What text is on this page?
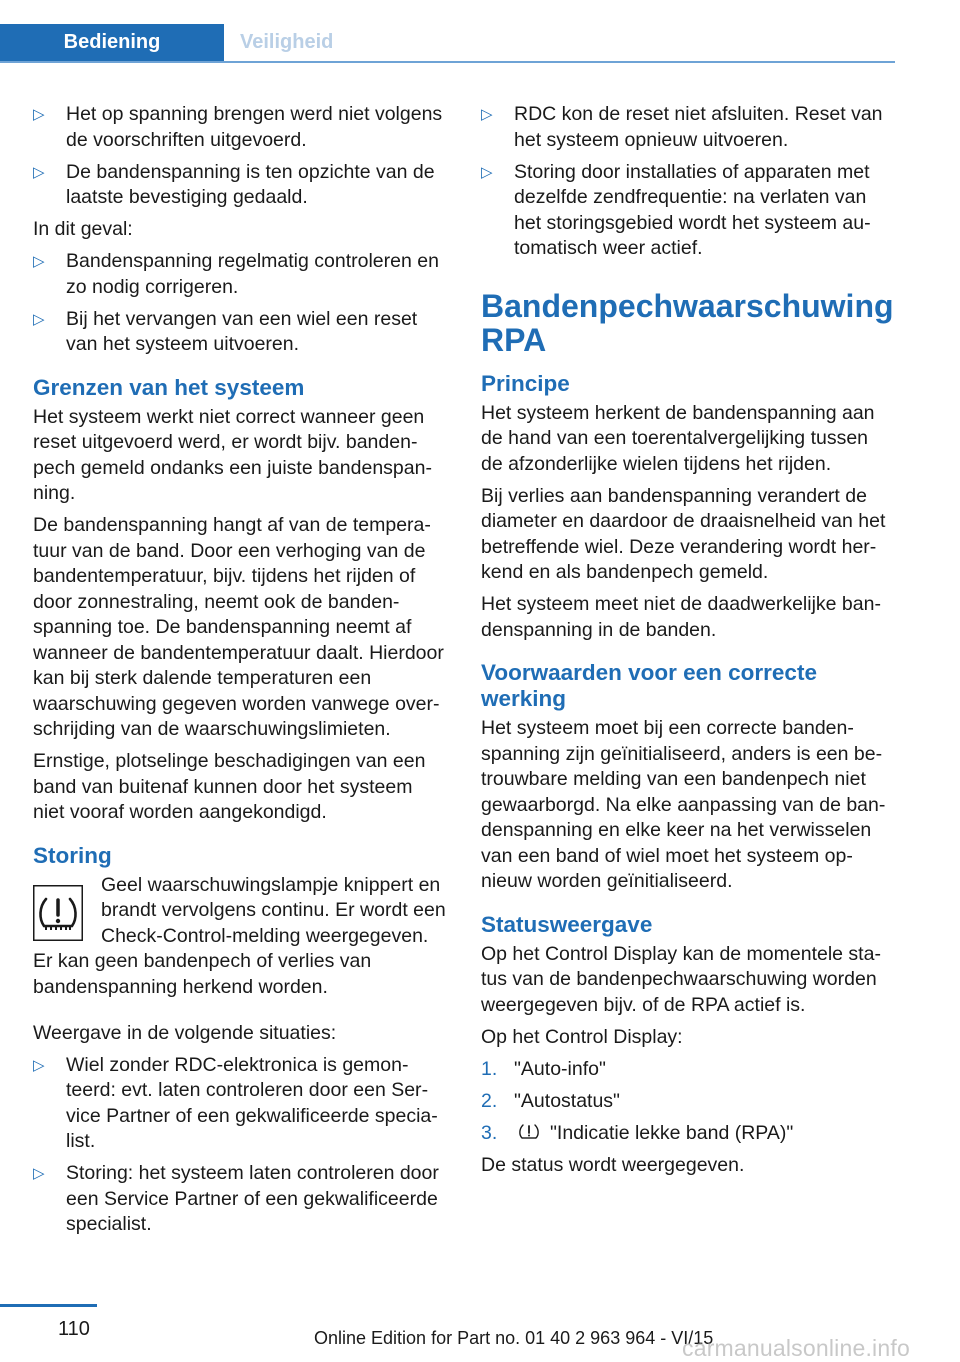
Bediening	Veiligheid
▷	Het op spanning brengen werd niet volgens de voorschriften uitgevoerd.
▷	De bandenspanning is ten opzichte van de laatste bevestiging gedaald.

In dit geval:

▷	Bandenspanning regelmatig controleren en zo nodig corrigeren.
▷	Bij het vervangen van een wiel een reset van het systeem uitvoeren.
Grenzen van het systeem

Het systeem werkt niet correct wanneer geen reset uitgevoerd werd, er wordt bijv. bandenpech gemeld ondanks een juiste bandenspanning.

De bandenspanning hangt af van de temperatuur van de band. Door een verhoging van de bandentemperatuur, bijv. tijdens het rijden of door zonnestraling, neemt ook de bandenspanning toe. De bandenspanning neemt af wanneer de bandentemperatuur daalt. Hierdoor kan bij sterk dalende temperaturen een waarschuwing gegeven worden vanwege overschrijding van de waarschuwingslimieten.

Ernstige, plotselinge beschadigingen van een band van buitenaf kunnen door het systeem niet vooraf worden aangekondigd.

Storing

Geel waarschuwingslampje knippert en brandt vervolgens continu. Er wordt een Check-Control-melding weergegeven. Er kan geen bandenpech of verlies van bandenspanning herkend worden.

Weergave in de volgende situaties:

▷	Wiel zonder RDC-elektronica is gemonteerd: evt. laten controleren door een Service Partner of een gekwalificeerde specialist.
▷	Storing: het systeem laten controleren door een Service Partner of een gekwalificeerde specialist.
▷	RDC kon de reset niet afsluiten. Reset van het systeem opnieuw uitvoeren.
▷	Storing door installaties of apparaten met dezelfde zendfrequentie: na verlaten van het storingsgebied wordt het systeem automatisch weer actief.
Bandenpechwaarschuwing RPA
Principe

Het systeem herkent de bandenspanning aan de hand van een toerentalvergelijking tussen de afzonderlijke wielen tijdens het rijden.

Bij verlies aan bandenspanning verandert de diameter en daardoor de draaisnelheid van het betreffende wiel. Deze verandering wordt herkend en als bandenpech gemeld.

Het systeem meet niet de daadwerkelijke bandenspanning in de banden.

Voorwaarden voor een correcte werking

Het systeem moet bij een correcte bandenspanning zijn geïnitialiseerd, anders is een betrouwbare melding van een bandenpech niet gewaarborgd. Na elke aanpassing van de bandenspanning en elke keer na het verwisselen van een band of wiel moet het systeem opnieuw worden geïnitialiseerd.

Statusweergave

Op het Control Display kan de momentele status van de bandenpechwaarschuwing worden weergegeven bijv. of de RPA actief is.

Op het Control Display:

1. "Auto-info"
2. "Autostatus"
3.	"Indicatie lekke band (RPA)"

De status wordt weergegeven.

110	Online Edition for Part no. 01 40 2 963 964 - VI/15
carmanualsonline.info
